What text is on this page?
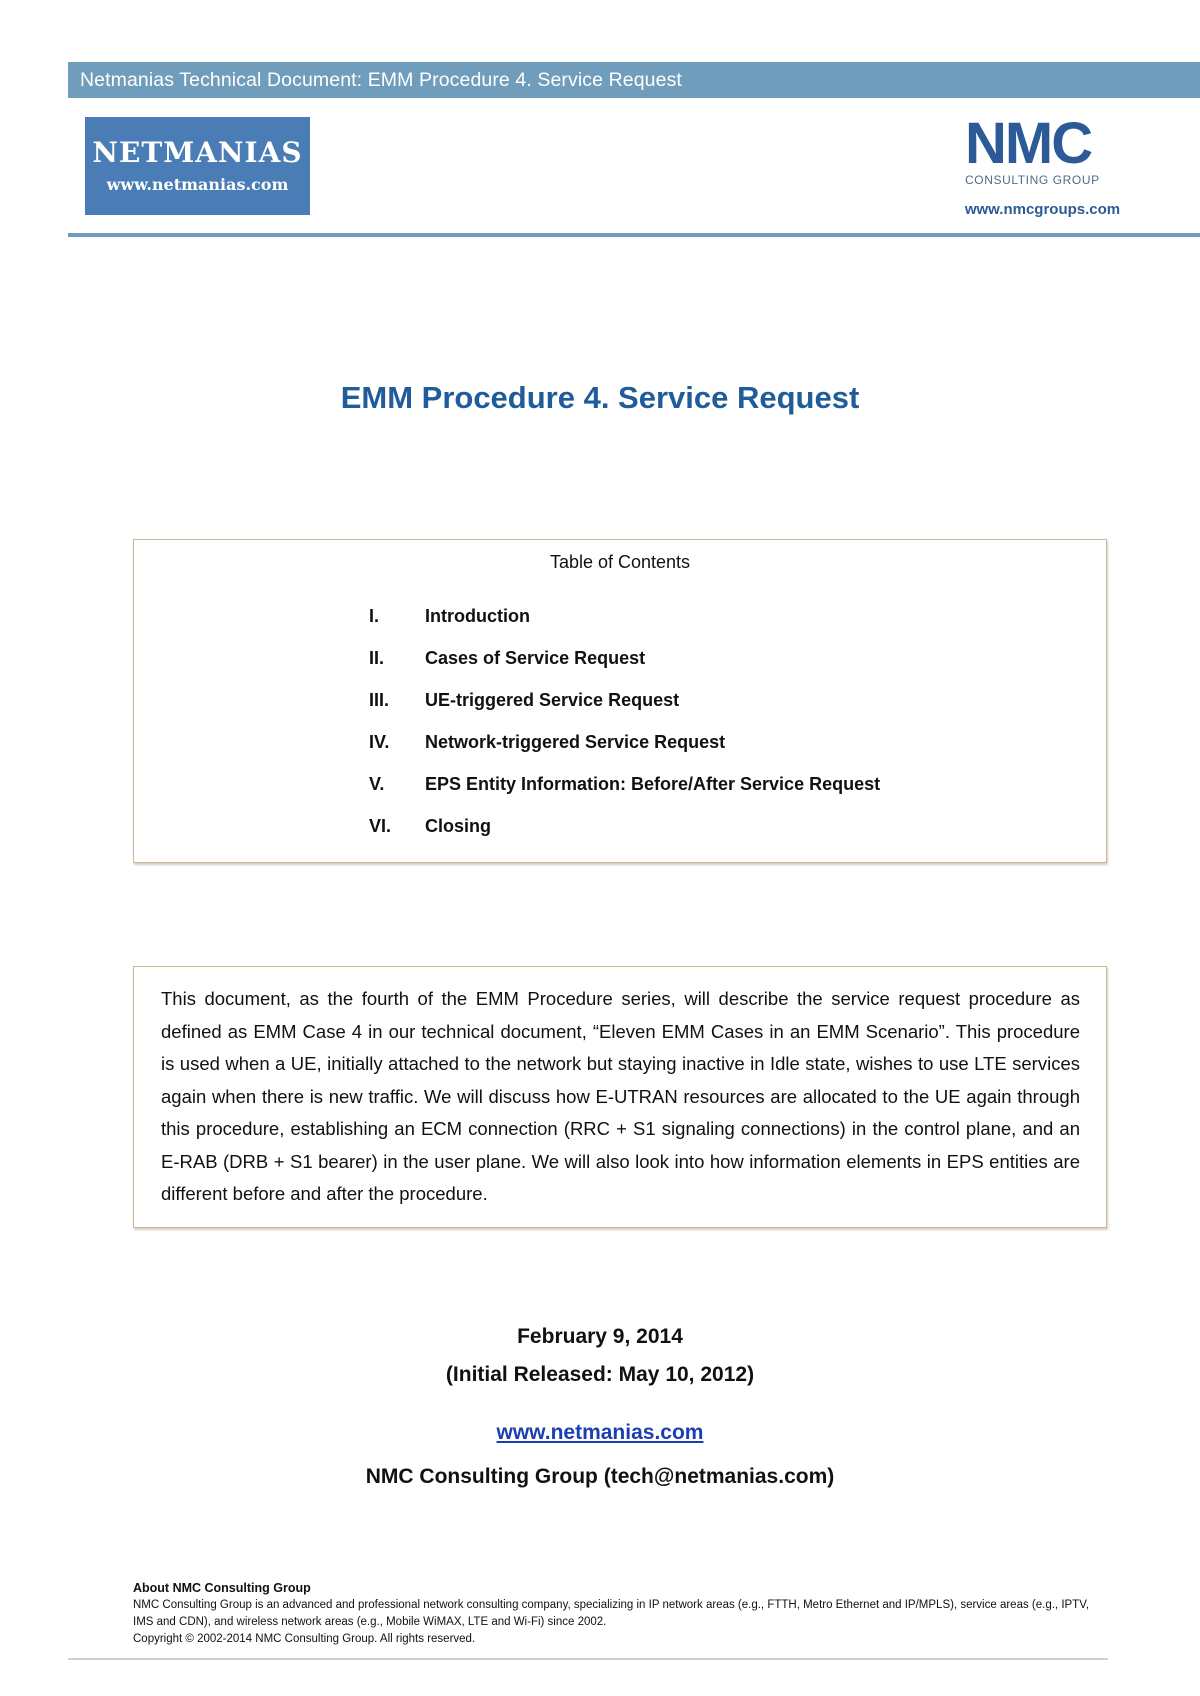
Netmanias Technical Document: EMM Procedure 4. Service Request
NETMANIAS
www.netmanias.com
NMC
CONSULTING GROUP
www.nmcgroups.com
EMM Procedure 4. Service Request
Table of Contents
I.	Introduction
II.	Cases of Service Request
III.	UE-triggered Service Request
IV.	Network-triggered Service Request
V.	EPS Entity Information: Before/After Service Request
VI.	Closing

This document, as the fourth of the EMM Procedure series, will describe the service request procedure as defined as EMM Case 4 in our technical document, “Eleven EMM Cases in an EMM Scenario”. This procedure is used when a UE, initially attached to the network but staying inactive in Idle state, wishes to use LTE services again when there is new traffic. We will discuss how E-UTRAN resources are allocated to the UE again through this procedure, establishing an ECM connection (RRC + S1 signaling connections) in the control plane, and an E-RAB (DRB + S1 bearer) in the user plane. We will also look into how information elements in EPS entities are different before and after the procedure.

February 9, 2014
(Initial Released: May 10, 2012)
www.netmanias.com
NMC Consulting Group (tech@netmanias.com)
About NMC Consulting Group
NMC Consulting Group is an advanced and professional network consulting company, specializing in IP network areas (e.g., FTTH, Metro Ethernet and IP/MPLS), service areas (e.g., IPTV, IMS and CDN), and wireless network areas (e.g., Mobile WiMAX, LTE and Wi-Fi) since 2002.
Copyright © 2002-2014 NMC Consulting Group. All rights reserved.
